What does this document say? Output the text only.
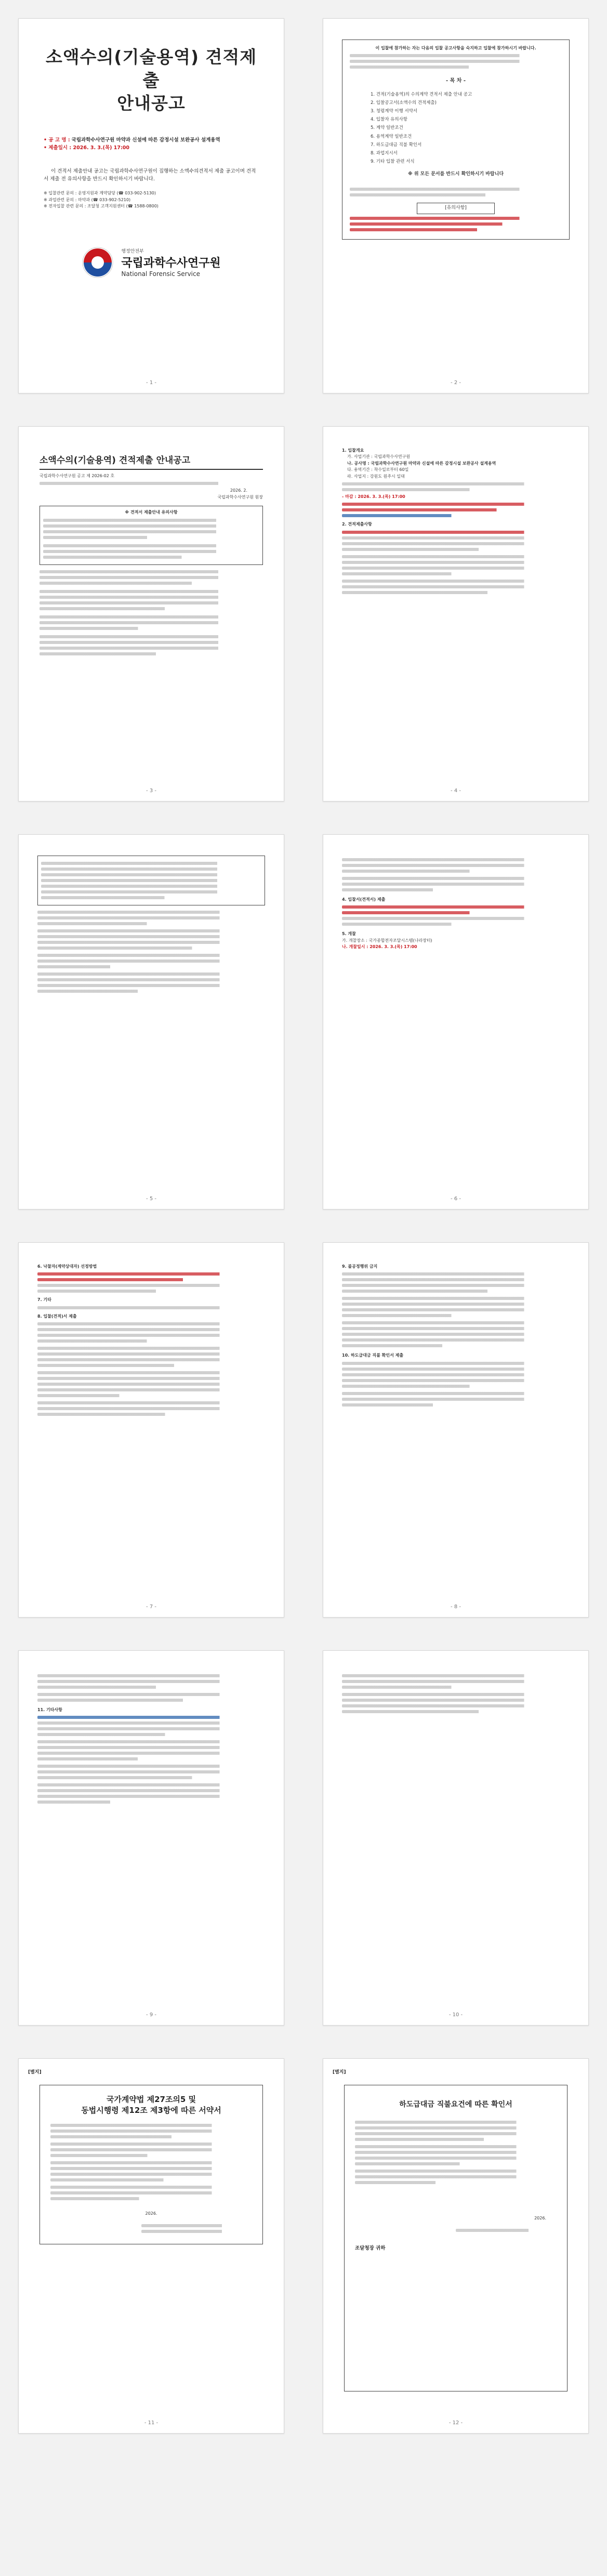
소액수의(기술용역) 견적제출
안내공고
• 공 고 명 : 국립과학수사연구원 마약과 신설에 따른 감정시설 보완공사 설계용역
• 제출일시 : 2026. 3. 3.(목) 17:00
이 견적서 제출안내 공고는 국립과학수사연구원이 집행하는 소액수의견적서 제출 공고이며 견적서 제출 전 유의사항을 반드시 확인하시기 바랍니다.
※ 입찰관련 문의 : 운영지원과 계약담당 (☎ 033-902-5130)
※ 과업관련 문의 : 마약과 (☎ 033-902-5210)
※ 전자입찰 관련 문의 : 조달청 고객지원센터 (☎ 1588-0800)
행정안전부
국립과학수사연구원
National Forensic Service
- 1 -
이 입찰에 참가하는 자는 다음의 입찰 공고사항을 숙지하고 입찰에 참가하시기 바랍니다.
- 목 차 -
1. 견적(기술용역)의 수의계약 견적서 제출 안내 공고
2. 입찰공고서(소액수의 견적제출)
3. 청렴계약 이행 서약서
4. 입찰자 유의사항
5. 계약 일반조건
6. 용역계약 일반조건
7. 하도급대금 직불 확인서
8. 과업지시서
9. 기타 입찰 관련 서식
※ 위 모든 문서를 반드시 확인하시기 바랍니다
[유의사항]
- 2 -
소액수의(기술용역) 견적제출 안내공고
국립과학수사연구원 공고 제 2026-02 호
2026. 2.
국립과학수사연구원 원장
※ 견적서 제출안내 유의사항
- 3 -
1. 입찰개요
가. 사업기관 : 국립과학수사연구원
나. 공사명 : 국립과학수사연구원 마약과 신설에 따른 감정시설 보완공사 설계용역
다. 용역기간 : 착수일로부터 60일
라. 사업지 : 강원도 원주시 일대
- 마감 : 2026. 3. 3.(목) 17:00
2. 견적제출사항
- 4 -
- 5 -
4. 입찰서(견적서) 제출
5. 개찰
가. 개찰장소 : 국가종합전자조달시스템(나라장터)
나. 개찰일시 : 2026. 3. 3.(목) 17:00
- 6 -
6. 낙찰자(계약상대자) 선정방법
7. 기타
8. 입찰(견적)서 제출
- 7 -
9. 불공정행위 금지
10. 하도급대금 직불 확인서 제출
- 8 -
11. 기타사항
- 9 -	- 10 -
[별지]
국가계약법 제27조의5 및
동법시행령 제12조 제3항에 따른 서약서
2026.
- 11 -
[별지]
하도급대금 직불요건에 따른 확인서
2026.
조달청장 귀하
- 12 -
